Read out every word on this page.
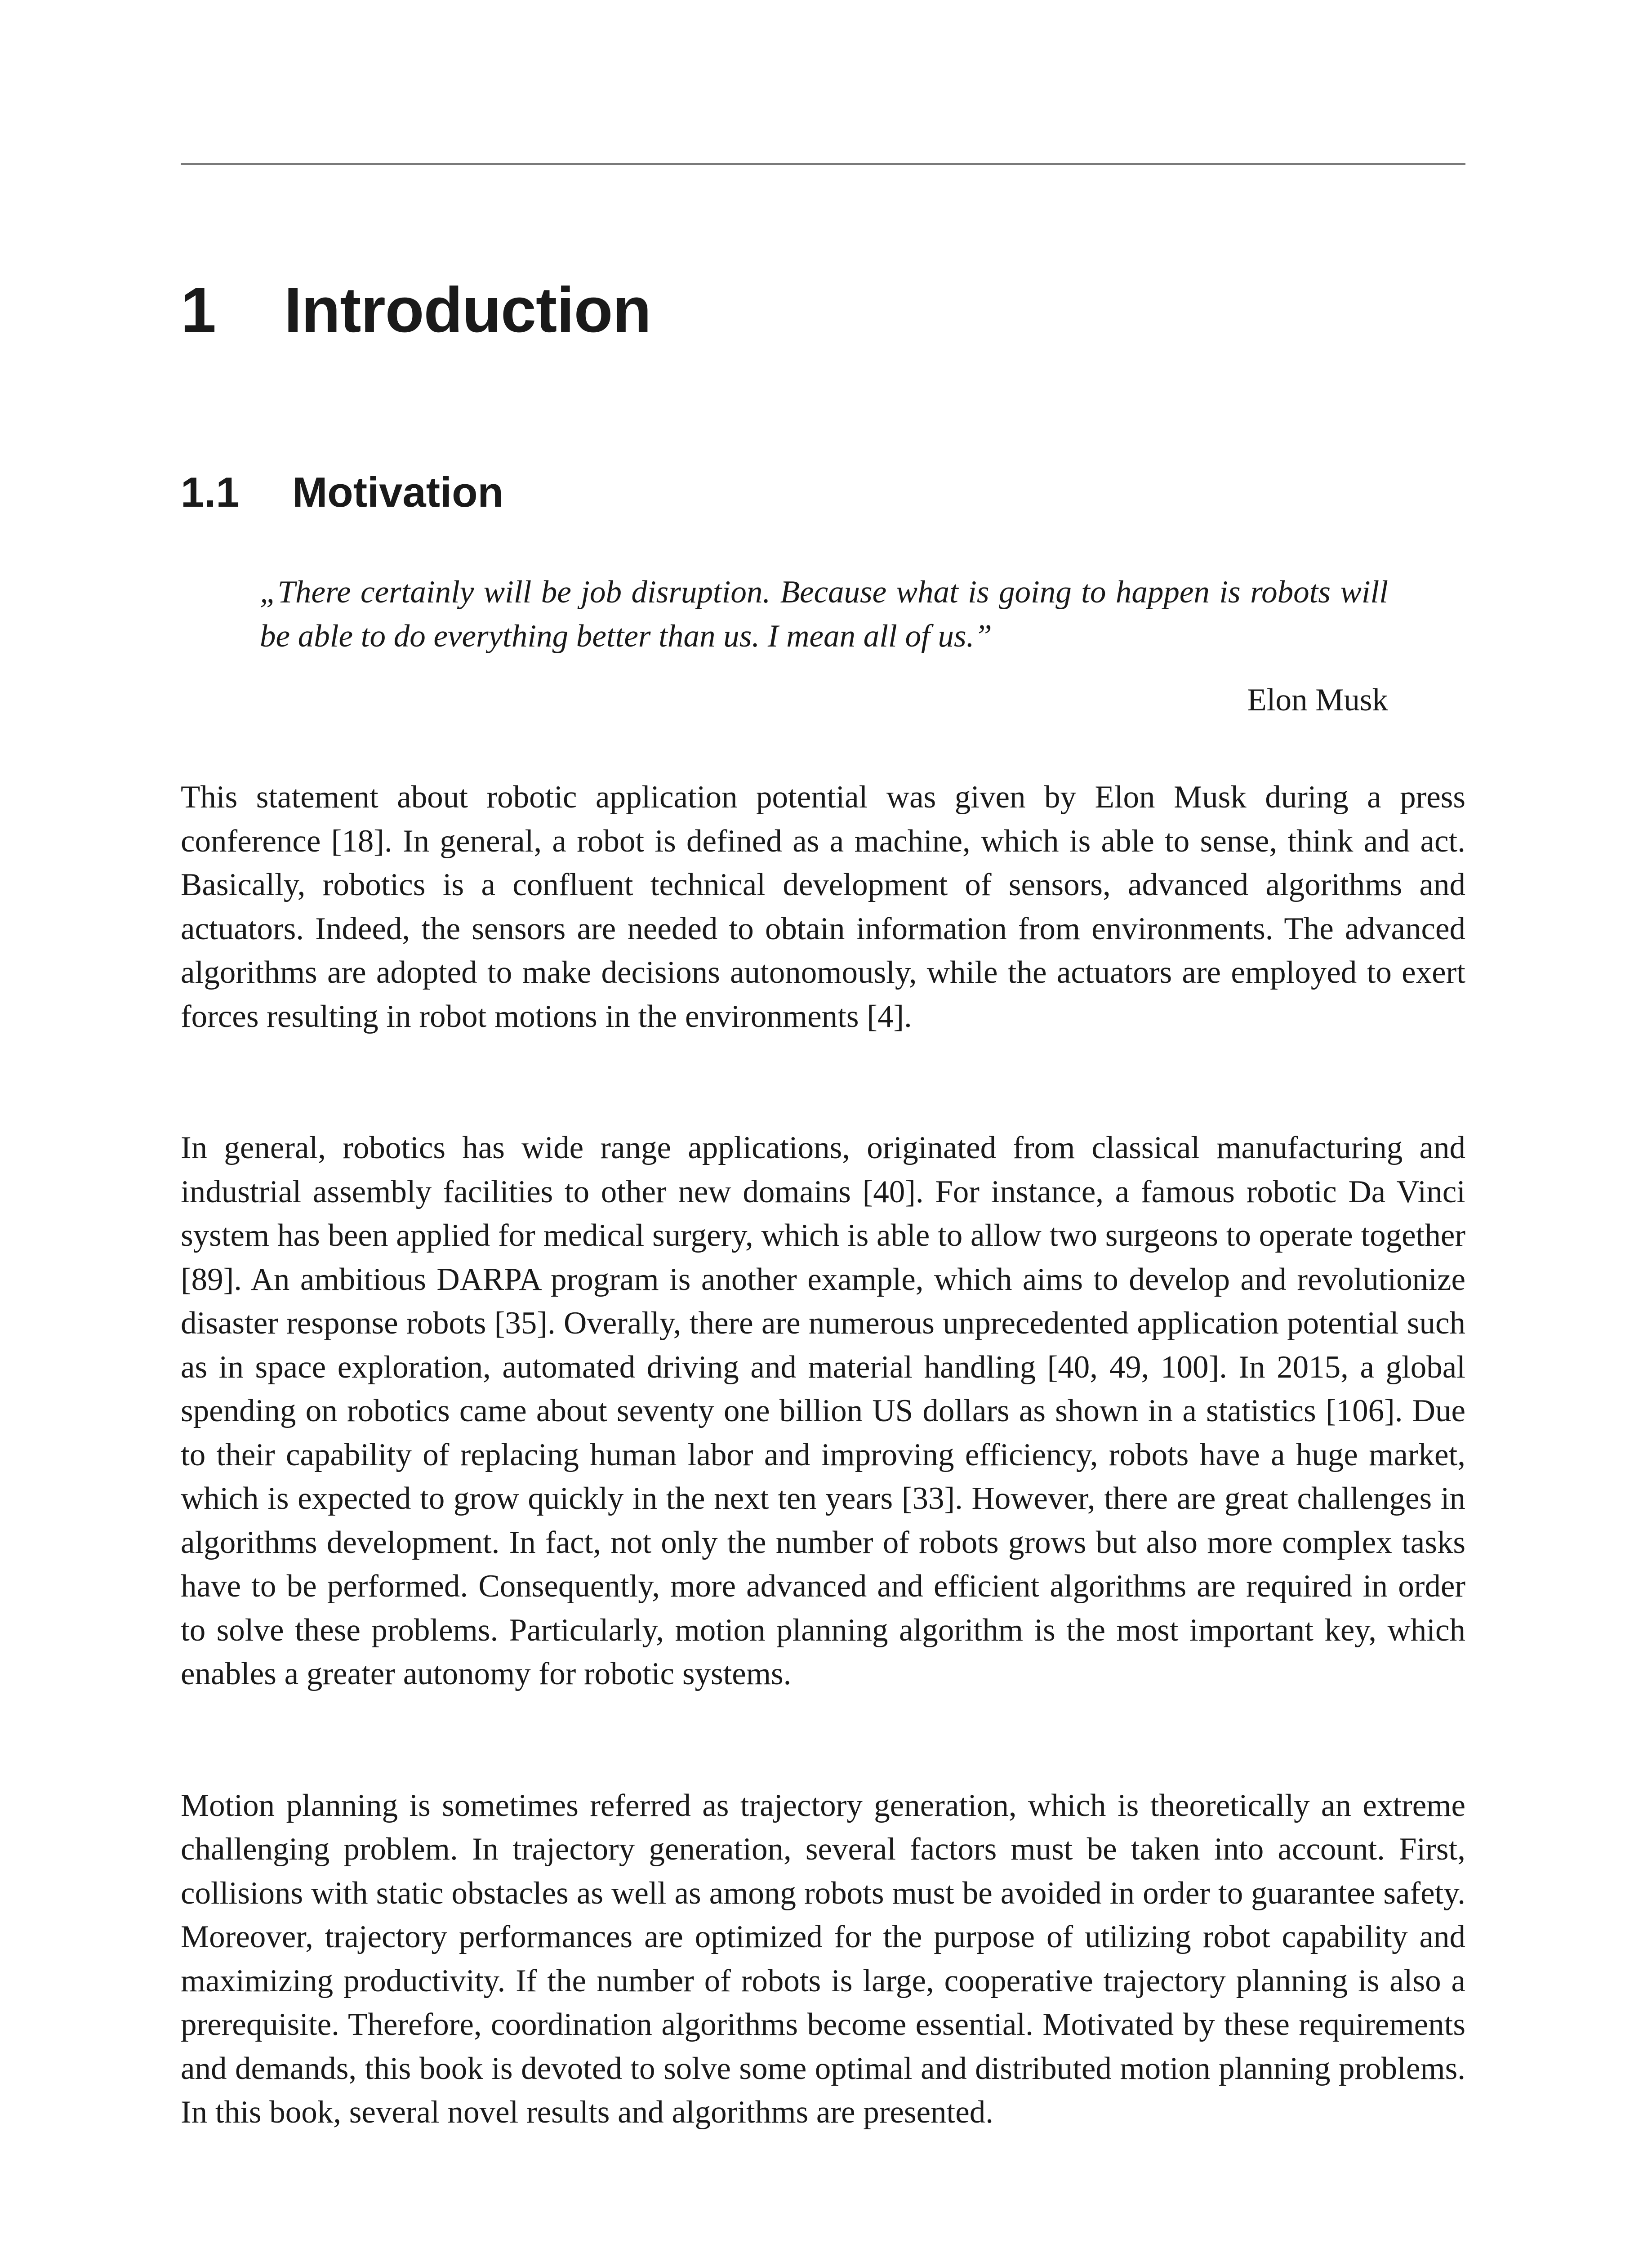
1 Introduction
1.1 Motivation

„There certainly will be job disruption. Because what is going to happen is robots will be able to do everything better than us. I mean all of us.”

Elon Musk

This statement about robotic application potential was given by Elon Musk during a press conference [18]. In general, a robot is defined as a machine, which is able to sense, think and act. Basically, robotics is a confluent technical development of sensors, advanced algorithms and actuators. Indeed, the sensors are needed to obtain information from environments. The advanced algorithms are adopted to make decisions autonomously, while the actuators are employed to exert forces resulting in robot motions in the environments [4].

In general, robotics has wide range applications, originated from classical manufacturing and industrial assembly facilities to other new domains [40]. For instance, a famous robotic Da Vinci system has been applied for medical surgery, which is able to allow two surgeons to operate together [89]. An ambitious DARPA program is another example, which aims to develop and revolutionize disaster response robots [35]. Overally, there are numerous unprecedented application potential such as in space exploration, automated driving and material handling [40, 49, 100]. In 2015, a global spending on robotics came about seventy one billion US dollars as shown in a statistics [106]. Due to their capability of replacing human labor and improving efficiency, robots have a huge market, which is expected to grow quickly in the next ten years [33]. However, there are great challenges in algorithms development. In fact, not only the number of robots grows but also more complex tasks have to be performed. Consequently, more advanced and efficient algorithms are required in order to solve these problems. Particularly, motion planning algorithm is the most important key, which enables a greater autonomy for robotic systems.

Motion planning is sometimes referred as trajectory generation, which is theoretically an extreme challenging problem. In trajectory generation, several factors must be taken into account. First, collisions with static obstacles as well as among robots must be avoided in order to guarantee safety. Moreover, trajectory performances are optimized for the purpose of utilizing robot capability and maximizing productivity. If the number of robots is large, cooperative trajectory planning is also a prerequisite. Therefore, coordination algorithms become essential. Motivated by these requirements and demands, this book is devoted to solve some optimal and distributed motion planning problems. In this book, several novel results and algorithms are presented.
